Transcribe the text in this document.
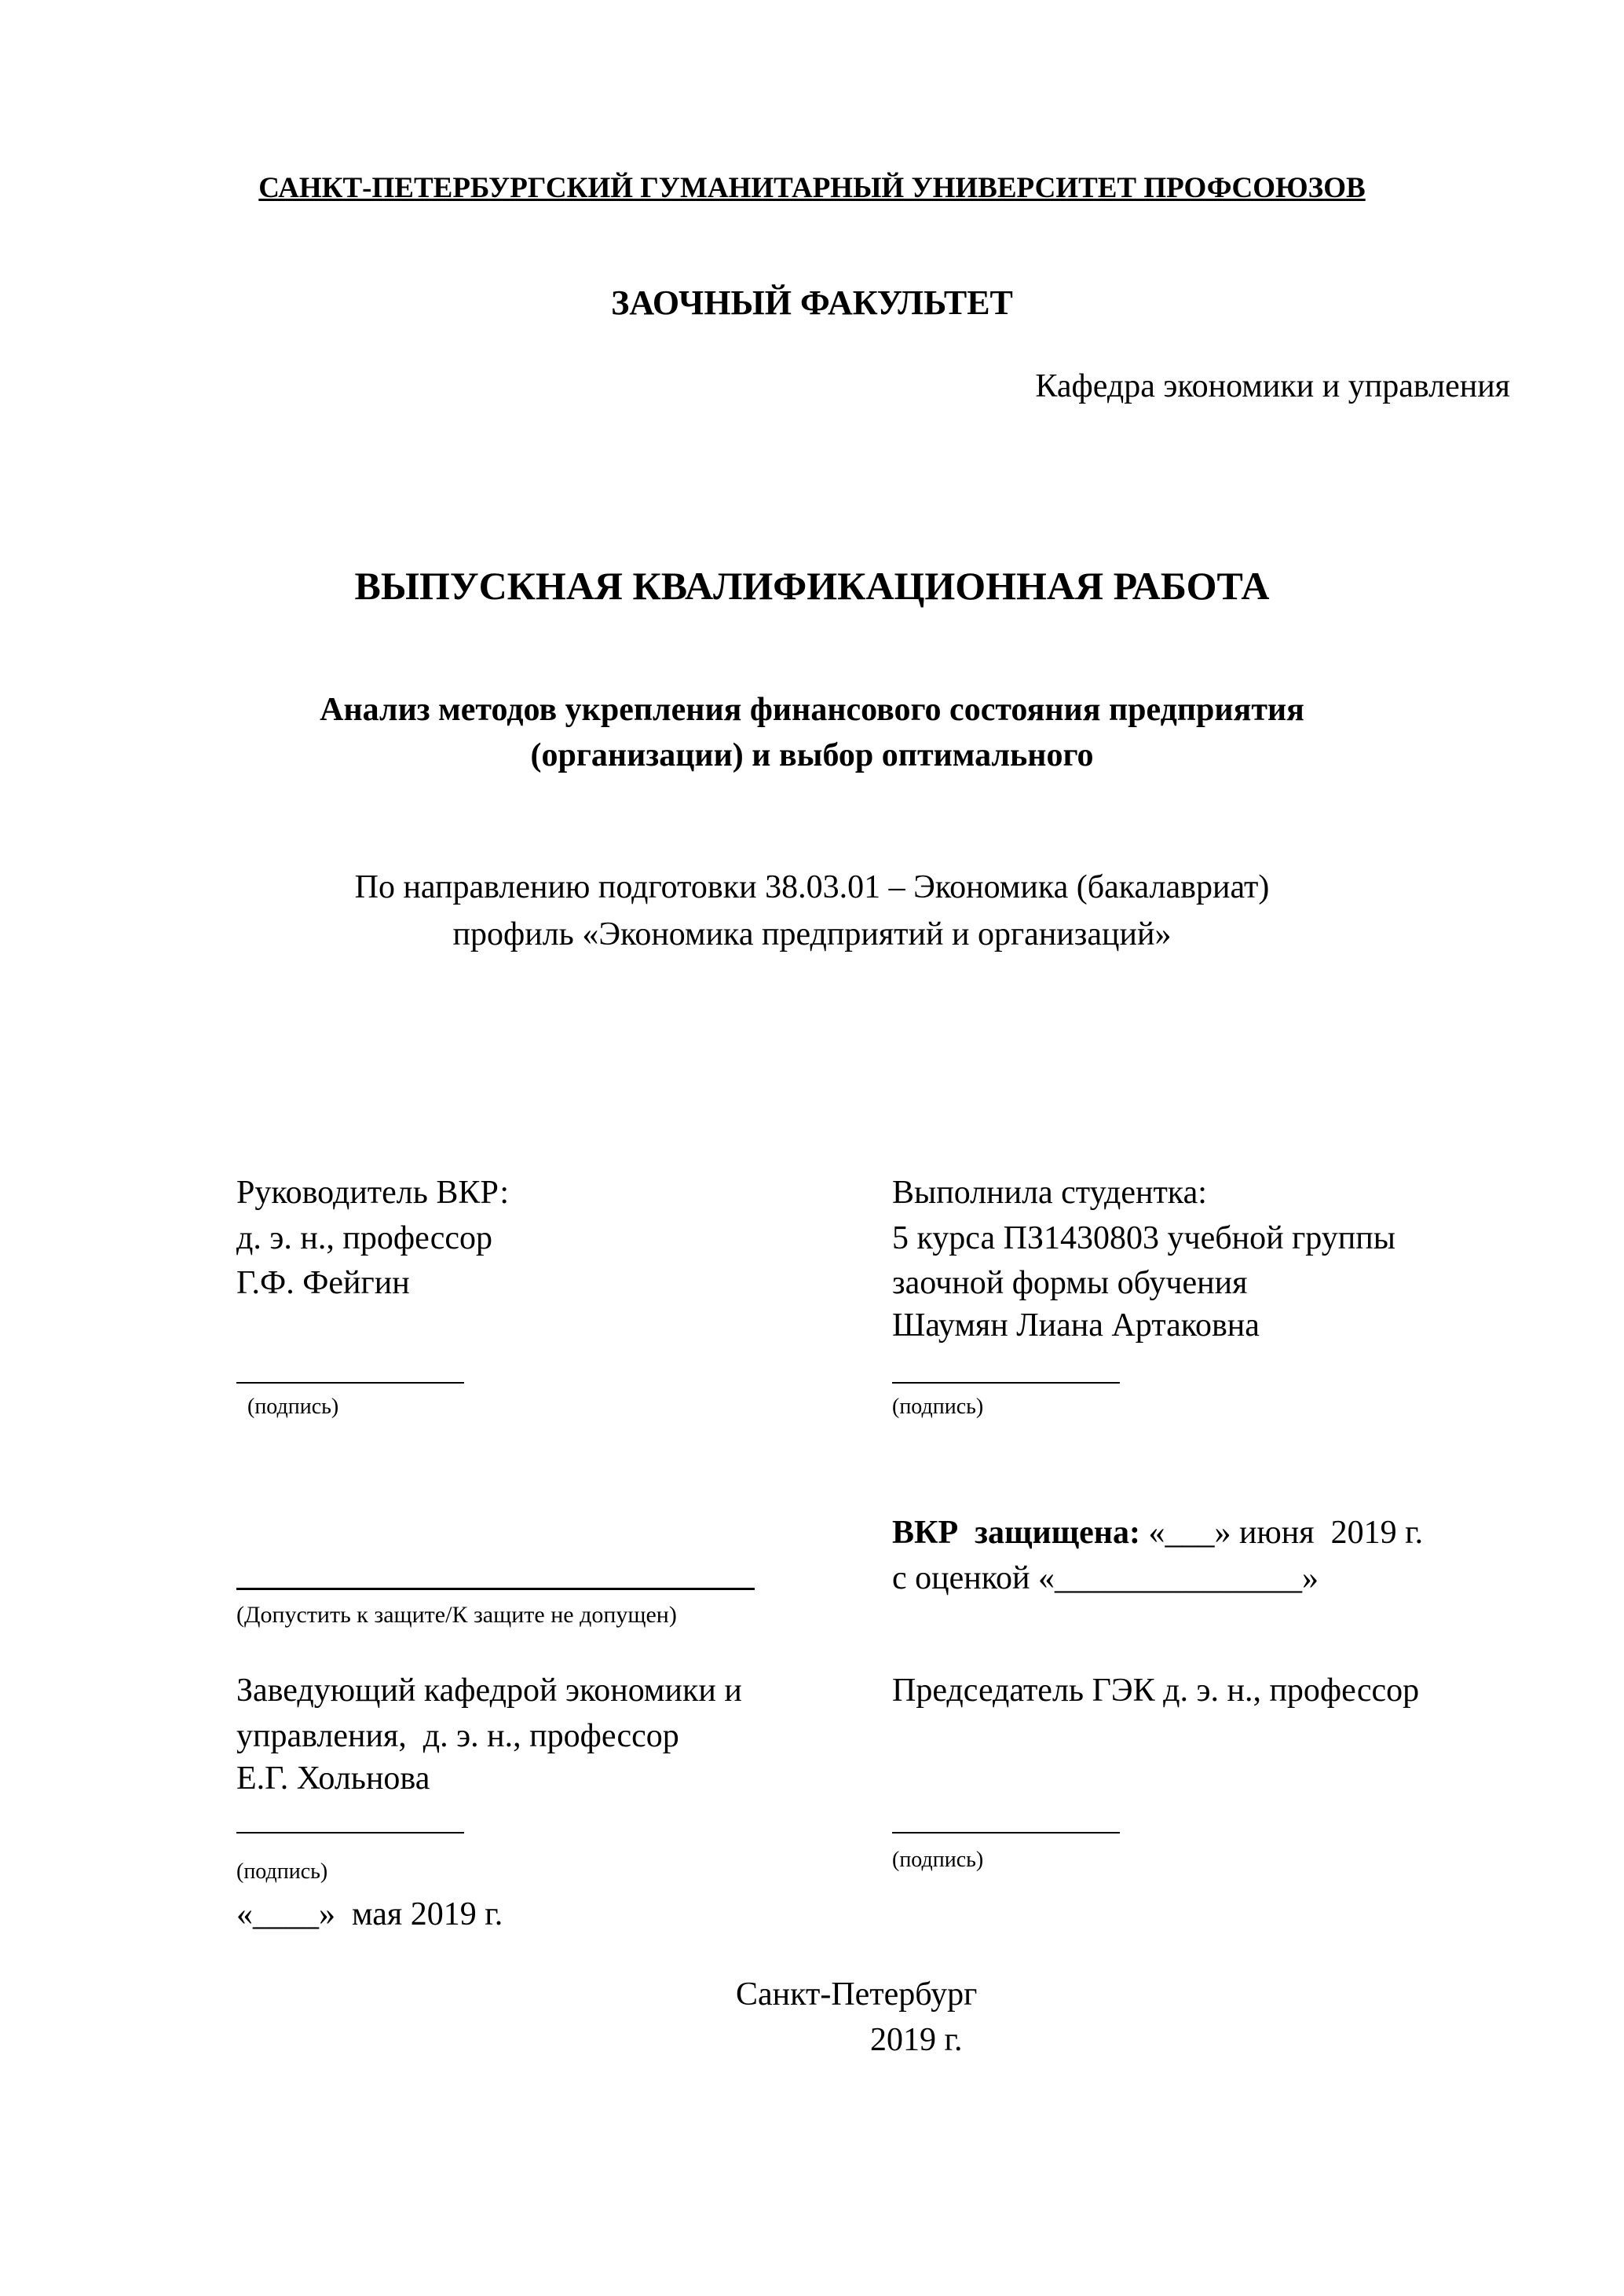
САНКТ-ПЕТЕРБУРГСКИЙ ГУМАНИТАРНЫЙ УНИВЕРСИТЕТ ПРОФСОЮЗОВ
ЗАОЧНЫЙ ФАКУЛЬТЕТ
Кафедра экономики и управления
ВЫПУСКНАЯ КВАЛИФИКАЦИОННАЯ РАБОТА
Анализ методов укрепления финансового состояния предприятия
(организации) и выбор оптимального
По направлению подготовки 38.03.01 – Экономика (бакалавриат)
профиль «Экономика предприятий и организаций»
Руководитель ВКР:
д. э. н., профессор
Г.Ф. Фейгин
(подпись)
Выполнила студентка:
5 курса ПЗ1430803 учебной группы
заочной формы обучения
Шаумян Лиана Артаковна
(подпись)
(Допустить к защите/К защите не допущен)
ВКР  защищена: «___» июня  2019 г.
с оценкой «_______________»
Заведующий кафедрой экономики и
управления,  д. э. н., профессор
Е.Г. Хольнова
(подпись)
«____»  мая 2019 г.
Председатель ГЭК д. э. н., профессор
(подпись)
Санкт-Петербург
2019 г.
